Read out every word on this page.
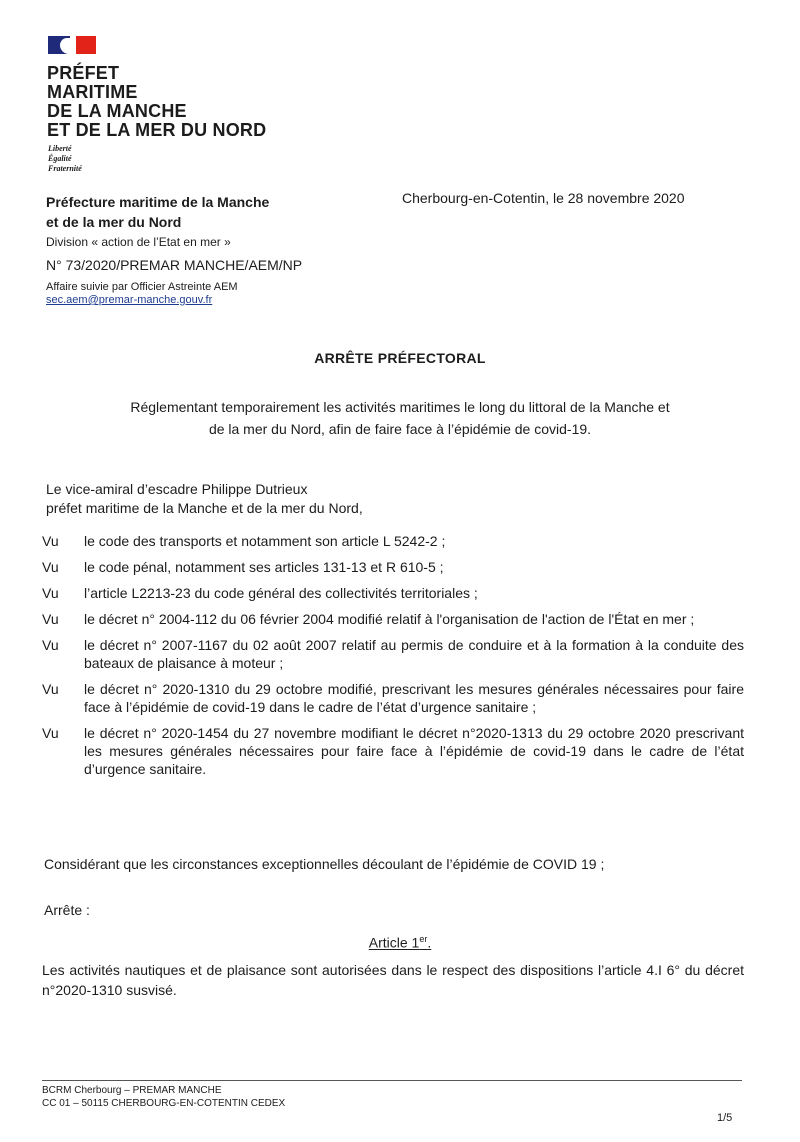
PRÉFET
MARITIME
DE LA MANCHE
ET DE LA MER DU NORD
Liberté
Égalité
Fraternité
Préfecture maritime de la Manche
et de la mer du Nord
Division « action de l’Etat en mer »
N° 73/2020/PREMAR MANCHE/AEM/NP
Affaire suivie par Officier Astreinte AEM
sec.aem@premar-manche.gouv.fr
Cherbourg-en-Cotentin, le 28 novembre 2020
ARRÊTE PRÉFECTORAL
Réglementant temporairement les activités maritimes le long du littoral de la Manche et
de la mer du Nord, afin de faire face à l’épidémie de covid-19.
Le vice-amiral d’escadre Philippe Dutrieux
préfet maritime de la Manche et de la mer du Nord,
Vu	le code des transports et notamment son article L 5242-2 ;
Vu	le code pénal, notamment ses articles 131-13 et R 610-5 ;
Vu	l’article L2213-23 du code général des collectivités territoriales ;
Vu	le décret n° 2004-112 du 06 février 2004 modifié relatif à l'organisation de l'action de l'État en mer ;
Vu	le décret n° 2007-1167 du 02 août 2007 relatif au permis de conduire et à la formation à la conduite des bateaux de plaisance à moteur ;
Vu	le décret n° 2020-1310 du 29 octobre modifié, prescrivant les mesures générales nécessaires pour faire face à l’épidémie de covid-19 dans le cadre de l’état d’urgence sanitaire ;
Vu	le décret n° 2020-1454 du 27 novembre modifiant le décret n°2020-1313 du 29 octobre 2020 prescrivant les mesures générales nécessaires pour faire face à l’épidémie de covid-19 dans le cadre de l’état d’urgence sanitaire.
Considérant que les circonstances exceptionnelles découlant de l’épidémie de COVID 19 ;
Arrête :
Article 1er.
Les activités nautiques et de plaisance sont autorisées dans le respect des dispositions l’article 4.I 6° du décret n°2020-1310 susvisé.
BCRM Cherbourg – PREMAR MANCHE
CC 01 – 50115 CHERBOURG-EN-COTENTIN CEDEX
1/5
